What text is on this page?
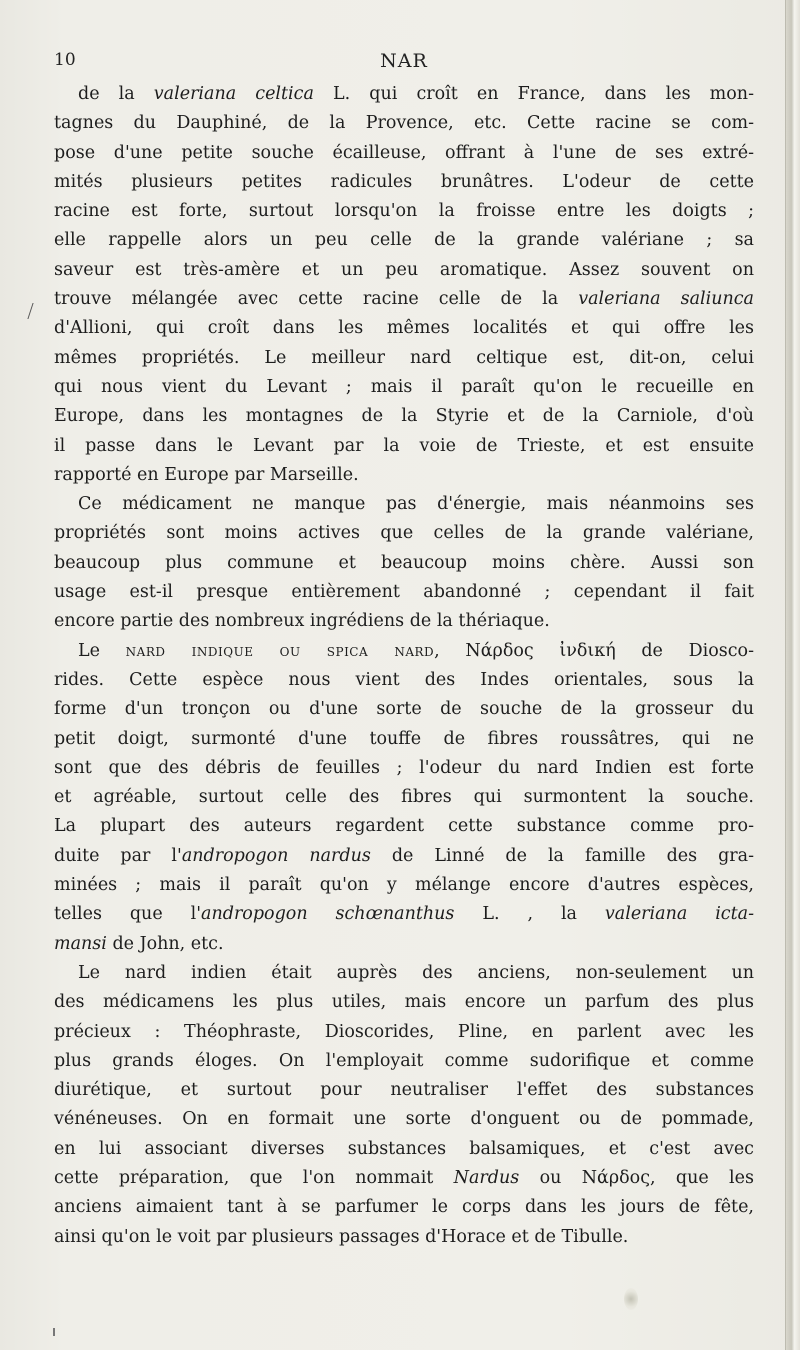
10	NAR

de la valeriana celtica L. qui croît en France, dans les mon-
tagnes du Dauphiné, de la Provence, etc. Cette racine se com-
pose d'une petite souche écailleuse, offrant à l'une de ses extré-
mités plusieurs petites radicules brunâtres. L'odeur de cette
racine est forte, surtout lorsqu'on la froisse entre les doigts ;
elle rappelle alors un peu celle de la grande valériane ; sa
saveur est très-amère et un peu aromatique. Assez souvent on
trouve mélangée avec cette racine celle de la valeriana saliunca
d'Allioni, qui croît dans les mêmes localités et qui offre les
mêmes propriétés. Le meilleur nard celtique est, dit-on, celui
qui nous vient du Levant ; mais il paraît qu'on le recueille en
Europe, dans les montagnes de la Styrie et de la Carniole, d'où
il passe dans le Levant par la voie de Trieste, et est ensuite
rapporté en Europe par Marseille.

Ce médicament ne manque pas d'énergie, mais néanmoins ses
propriétés sont moins actives que celles de la grande valériane,
beaucoup plus commune et beaucoup moins chère. Aussi son
usage est-il presque entièrement abandonné ; cependant il fait
encore partie des nombreux ingrédiens de la thériaque.

Le nard indique ou spica nard, Νάρδος ἰνδική de Diosco-
rides. Cette espèce nous vient des Indes orientales, sous la
forme d'un tronçon ou d'une sorte de souche de la grosseur du
petit doigt, surmonté d'une touffe de fibres roussâtres, qui ne
sont que des débris de feuilles ; l'odeur du nard Indien est forte
et agréable, surtout celle des fibres qui surmontent la souche.
La plupart des auteurs regardent cette substance comme pro-
duite par l'andropogon nardus de Linné de la famille des gra-
minées ; mais il paraît qu'on y mélange encore d'autres espèces,
telles que l'andropogon schœnanthus L. , la valeriana icta-
mansi de John, etc.

Le nard indien était auprès des anciens, non-seulement un
des médicamens les plus utiles, mais encore un parfum des plus
précieux : Théophraste, Dioscorides, Pline, en parlent avec les
plus grands éloges. On l'employait comme sudorifique et comme
diurétique, et surtout pour neutraliser l'effet des substances
vénéneuses. On en formait une sorte d'onguent ou de pommade,
en lui associant diverses substances balsamiques, et c'est avec
cette préparation, que l'on nommait Nardus ou Νάρδος, que les
anciens aimaient tant à se parfumer le corps dans les jours de fête,
ainsi qu'on le voit par plusieurs passages d'Horace et de Tibulle.
